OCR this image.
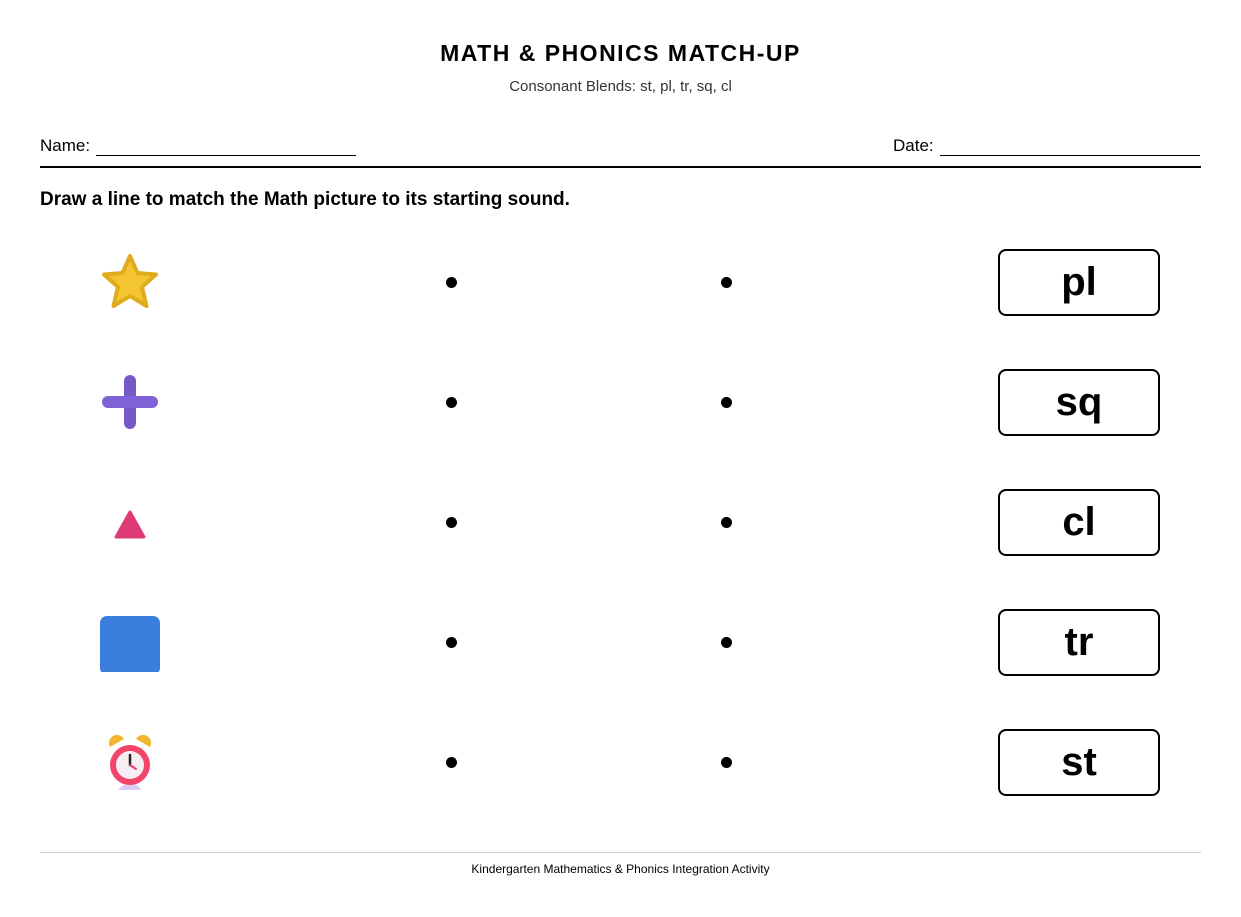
MATH & PHONICS MATCH-UP
Consonant Blends: st, pl, tr, sq, cl
Name:	Date:
Draw a line to match the Math picture to its starting sound.
pl
sq
cl
tr
st
Kindergarten Mathematics & Phonics Integration Activity
